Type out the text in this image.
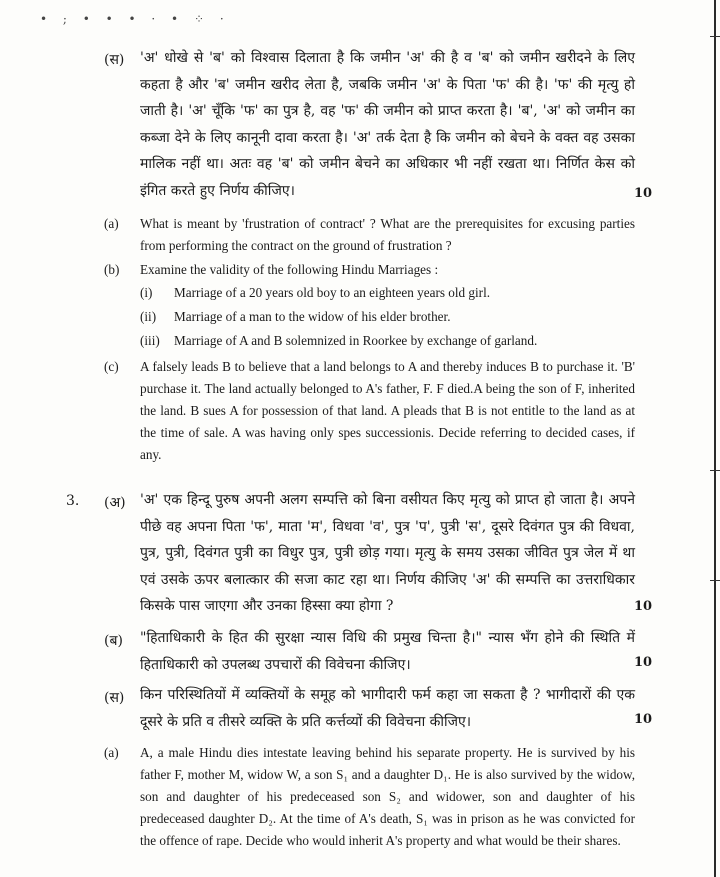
• ; • • • · • ⁘ ·
(स) 'अ' धोखे से 'ब' को विश्वास दिलाता है कि जमीन 'अ' की है व 'ब' को जमीन खरीदने के लिए कहता है और 'ब' जमीन खरीद लेता है, जबकि जमीन 'अ' के पिता 'फ' की है। 'फ' की मृत्यु हो जाती है। 'अ' चूँकि 'फ' का पुत्र है, वह 'फ' की जमीन को प्राप्त करता है। 'ब', 'अ' को जमीन का कब्जा देने के लिए कानूनी दावा करता है। 'अ' तर्क देता है कि जमीन को बेचने के वक्त वह उसका मालिक नहीं था। अतः वह 'ब' को जमीन बेचने का अधिकार भी नहीं रखता था। निर्णित केस को इंगित करते हुए निर्णय कीजिए।	10
(a) What is meant by 'frustration of contract' ? What are the prerequisites for excusing parties from performing the contract on the ground of frustration ?
(b) Examine the validity of the following Hindu Marriages :
(i) Marriage of a 20 years old boy to an eighteen years old girl.
(ii) Marriage of a man to the widow of his elder brother.
(iii) Marriage of A and B solemnized in Roorkee by exchange of garland.
(c) A falsely leads B to believe that a land belongs to A and thereby induces B to purchase it. 'B' purchase it. The land actually belonged to A's father, F. F died.A being the son of F, inherited the land. B sues A for possession of that land. A pleads that B is not entitle to the land as at the time of sale. A was having only spes successionis. Decide referring to decided cases, if any.
3. (अ) 'अ' एक हिन्दू पुरुष अपनी अलग सम्पत्ति को बिना वसीयत किए मृत्यु को प्राप्त हो जाता है। अपने पीछे वह अपना पिता 'फ', माता 'म', विधवा 'व', पुत्र 'प', पुत्री 'स', दूसरे दिवंगत पुत्र की विधवा, पुत्र, पुत्री, दिवंगत पुत्री का विधुर पुत्र, पुत्री छोड़ गया। मृत्यु के समय उसका जीवित पुत्र जेल में था एवं उसके ऊपर बलात्कार की सजा काट रहा था। निर्णय कीजिए 'अ' की सम्पत्ति का उत्तराधिकार किसके पास जाएगा और उनका हिस्सा क्या होगा ?	10
(ब) "हिताधिकारी के हित की सुरक्षा न्यास विधि की प्रमुख चिन्ता है।" न्यास भँग होने की स्थिति में हिताधिकारी को उपलब्ध उपचारों की विवेचना कीजिए।	10
(स) किन परिस्थितियों में व्यक्तियों के समूह को भागीदारी फर्म कहा जा सकता है ? भागीदारों की एक दूसरे के प्रति व तीसरे व्यक्ति के प्रति कर्त्तव्यों की विवेचना कीजिए।	10
(a) A, a male Hindu dies intestate leaving behind his separate property. He is survived by his father F, mother M, widow W, a son S₁ and a daughter D₁. He is also survived by the widow, son and daughter of his predeceased son S₂ and widower, son and daughter of his predeceased daughter D₂. At the time of A's death, S₁ was in prison as he was convicted for the offence of rape. Decide who would inherit A's property and what would be their shares.
